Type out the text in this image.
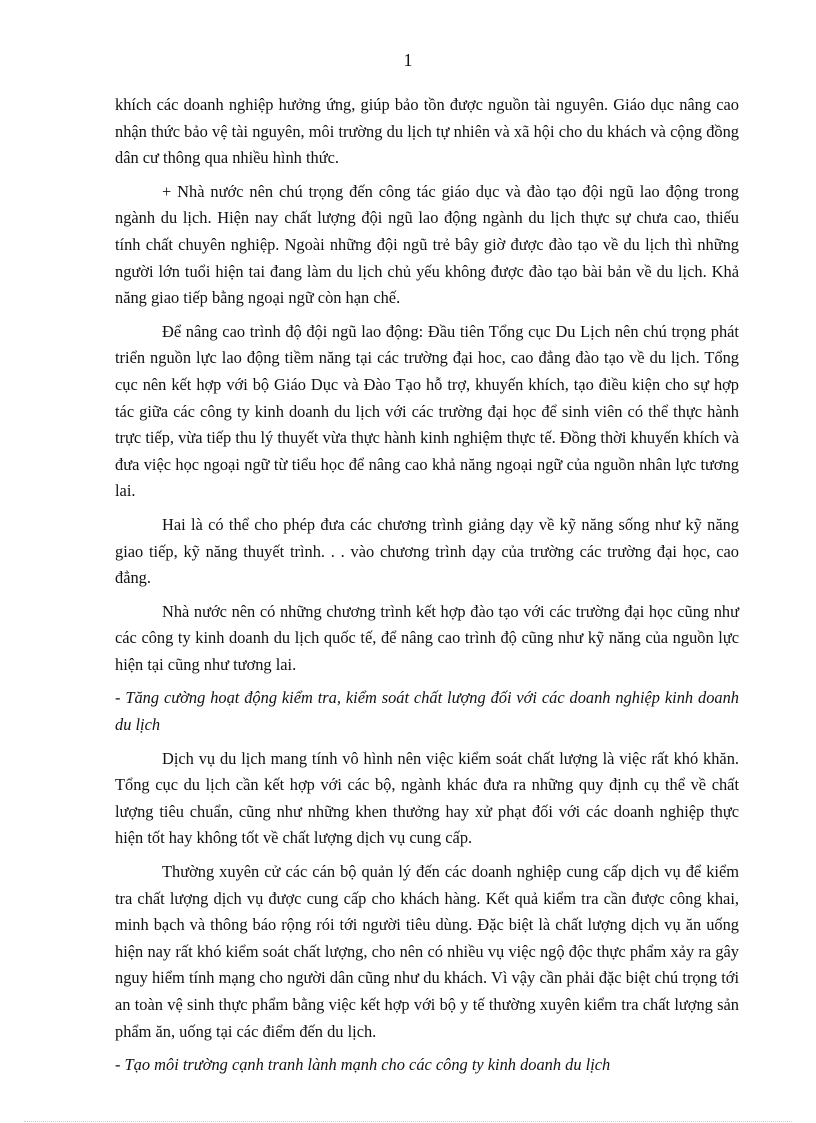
1

khích các doanh nghiệp hưởng ứng, giúp bảo tồn được nguồn tài nguyên. Giáo dục nâng cao nhận thức bảo vệ tài nguyên, môi trường du lịch tự nhiên và xã hội cho du khách và cộng đồng dân cư thông qua nhiều hình thức.

+ Nhà nước nên chú trọng đến công tác giáo dục và đào tạo đội ngũ lao động trong ngành du lịch. Hiện nay chất lượng đội ngũ lao động ngành du lịch thực sự chưa cao, thiếu tính chất chuyên nghiệp. Ngoài những đội ngũ trẻ bây giờ được đào tạo về du lịch thì những người lớn tuổi hiện tai đang làm du lịch chủ yếu không được đào tạo bài bản về du lịch. Khả năng giao tiếp bằng ngoại ngữ còn hạn chế.

Để nâng cao trình độ đội ngũ lao động: Đầu tiên Tổng cục Du Lịch nên chú trọng phát triển nguồn lực lao động tiềm năng tại các trường đại hoc, cao đẳng đào tạo về du lịch. Tổng cục nên kết hợp với bộ Giáo Dục và Đào Tạo hỗ trợ, khuyến khích, tạo điều kiện cho sự hợp tác giữa các công ty kinh doanh du lịch với các trường đại học để sinh viên có thể thực hành trực tiếp, vừa tiếp thu lý thuyết vừa thực hành kinh nghiệm thực tế. Đồng thời khuyến khích và đưa việc học ngoại ngữ từ tiểu học để nâng cao khả năng ngoại ngữ của nguồn nhân lực tương lai.

Hai là có thể cho phép đưa các chương trình giảng dạy về kỹ năng sống như kỹ năng giao tiếp, kỹ năng thuyết trình. . . vào chương trình dạy của trường các trường đại học, cao đẳng.

Nhà nước nên có những chương trình kết hợp đào tạo với các trường đại học cũng như các công ty kinh doanh du lịch quốc tế, để nâng cao trình độ cũng như kỹ năng của nguồn lực hiện tại cũng như tương lai.

- Tăng cường hoạt động kiểm tra, kiểm soát chất lượng đối với các doanh nghiệp kinh doanh du lịch

Dịch vụ du lịch mang tính vô hình nên việc kiểm soát chất lượng là việc rất khó khăn. Tổng cục du lịch cần kết hợp với các bộ, ngành khác đưa ra những quy định cụ thể về chất lượng tiêu chuẩn, cũng như những khen thưởng hay xử phạt đối với các doanh nghiệp thực hiện tốt hay không tốt về chất lượng dịch vụ cung cấp.

Thường xuyên cử các cán bộ quản lý đến các doanh nghiệp cung cấp dịch vụ để kiểm tra chất lượng dịch vụ được cung cấp cho khách hàng. Kết quả kiểm tra cần được công khai, minh bạch và thông báo rộng rói tới người tiêu dùng. Đặc biệt là chất lượng dịch vụ ăn uống hiện nay rất khó kiểm soát chất lượng, cho nên có nhiều vụ việc ngộ độc thực phẩm xảy ra gây nguy hiểm tính mạng cho người dân cũng như du khách. Vì vậy cần phải đặc biệt chú trọng tới an toàn vệ sinh thực phẩm bằng việc kết hợp với bộ y tế thường xuyên kiểm tra chất lượng sản phẩm ăn, uống tại các điểm đến du lịch.

- Tạo môi trường cạnh tranh lành mạnh cho các công ty kinh doanh du lịch
